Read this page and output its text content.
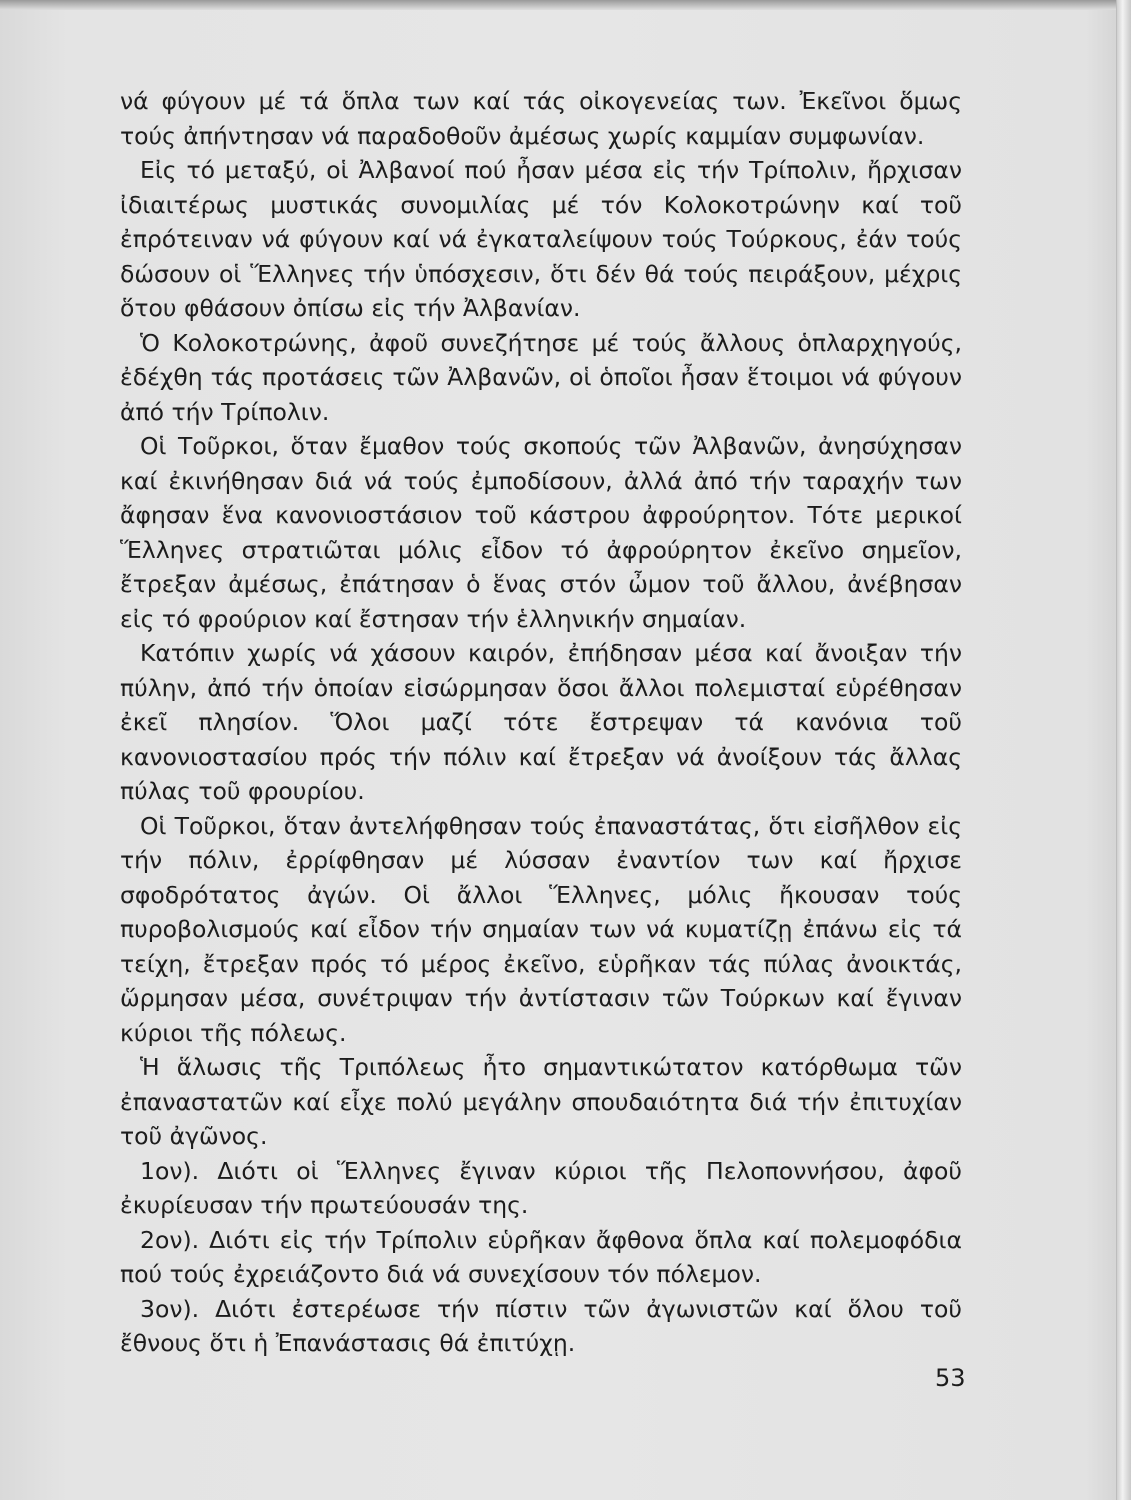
νά φύγουν μέ τά ὅπλα των καί τάς οἰκογενείας των. Ἐκεῖνοι ὅμως τούς ἀπήντησαν νά παραδοθοῦν ἀμέσως χωρίς καμμίαν συμφωνίαν.

Εἰς τό μεταξύ, οἱ Ἀλβανοί πού ἦσαν μέσα εἰς τήν Τρίπολιν, ἤρχισαν ἰδιαιτέρως μυστικάς συνομιλίας μέ τόν Κολοκοτρώνην καί τοῦ ἐπρότειναν νά φύγουν καί νά ἐγκαταλείψουν τούς Τούρκους, ἐάν τούς δώσουν οἱ Ἕλληνες τήν ὑπόσχεσιν, ὅτι δέν θά τούς πειράξουν, μέχρις ὅτου φθάσουν ὀπίσω εἰς τήν Ἀλβανίαν.

Ὁ Κολοκοτρώνης, ἀφοῦ συνεζήτησε μέ τούς ἄλλους ὁπλαρχηγούς, ἐδέχθη τάς προτάσεις τῶν Ἀλβανῶν, οἱ ὁποῖοι ἦσαν ἕτοιμοι νά φύγουν ἀπό τήν Τρίπολιν.

Οἱ Τοῦρκοι, ὅταν ἔμαθον τούς σκοπούς τῶν Ἀλβανῶν, ἀνησύχησαν καί ἐκινήθησαν διά νά τούς ἐμποδίσουν, ἀλλά ἀπό τήν ταραχήν των ἄφησαν ἕνα κανονιοστάσιον τοῦ κάστρου ἀφρούρητον. Τότε μερικοί Ἕλληνες στρατιῶται μόλις εἶδον τό ἀφρούρητον ἐκεῖνο σημεῖον, ἔτρεξαν ἀμέσως, ἐπάτησαν ὁ ἕνας στόν ὦμον τοῦ ἄλλου, ἀνέβησαν εἰς τό φρούριον καί ἔστησαν τήν ἑλληνικήν σημαίαν.

Κατόπιν χωρίς νά χάσουν καιρόν, ἐπήδησαν μέσα καί ἄνοιξαν τήν πύλην, ἀπό τήν ὁποίαν εἰσώρμησαν ὅσοι ἄλλοι πολεμισταί εὑρέθησαν ἐκεῖ πλησίον. Ὅλοι μαζί τότε ἔστρεψαν τά κανόνια τοῦ κανονιοστασίου πρός τήν πόλιν καί ἔτρεξαν νά ἀνοίξουν τάς ἄλλας πύλας τοῦ φρουρίου.

Οἱ Τοῦρκοι, ὅταν ἀντελήφθησαν τούς ἐπαναστάτας, ὅτι εἰσῆλθον εἰς τήν πόλιν, ἐρρίφθησαν μέ λύσσαν ἐναντίον των καί ἤρχισε σφοδρότατος ἀγών. Οἱ ἄλλοι Ἕλληνες, μόλις ἤκουσαν τούς πυροβολισμούς καί εἶδον τήν σημαίαν των νά κυματίζῃ ἐπάνω εἰς τά τείχη, ἔτρεξαν πρός τό μέρος ἐκεῖνο, εὑρῆκαν τάς πύλας ἀνοικτάς, ὥρμησαν μέσα, συνέτριψαν τήν ἀντίστασιν τῶν Τούρκων καί ἔγιναν κύριοι τῆς πόλεως.

Ἡ ἅλωσις τῆς Τριπόλεως ἦτο σημαντικώτατον κατόρθωμα τῶν ἐπαναστατῶν καί εἶχε πολύ μεγάλην σπουδαιότητα διά τήν ἐπιτυχίαν τοῦ ἀγῶνος.

1ον). Διότι οἱ Ἕλληνες ἔγιναν κύριοι τῆς Πελοποννήσου, ἀφοῦ ἐκυρίευσαν τήν πρωτεύουσάν της.

2ον). Διότι εἰς τήν Τρίπολιν εὑρῆκαν ἄφθονα ὅπλα καί πολεμοφόδια πού τούς ἐχρειάζοντο διά νά συνεχίσουν τόν πόλεμον.

3ον). Διότι ἐστερέωσε τήν πίστιν τῶν ἀγωνιστῶν καί ὅλου τοῦ ἔθνους ὅτι ἡ Ἐπανάστασις θά ἐπιτύχῃ.

53
